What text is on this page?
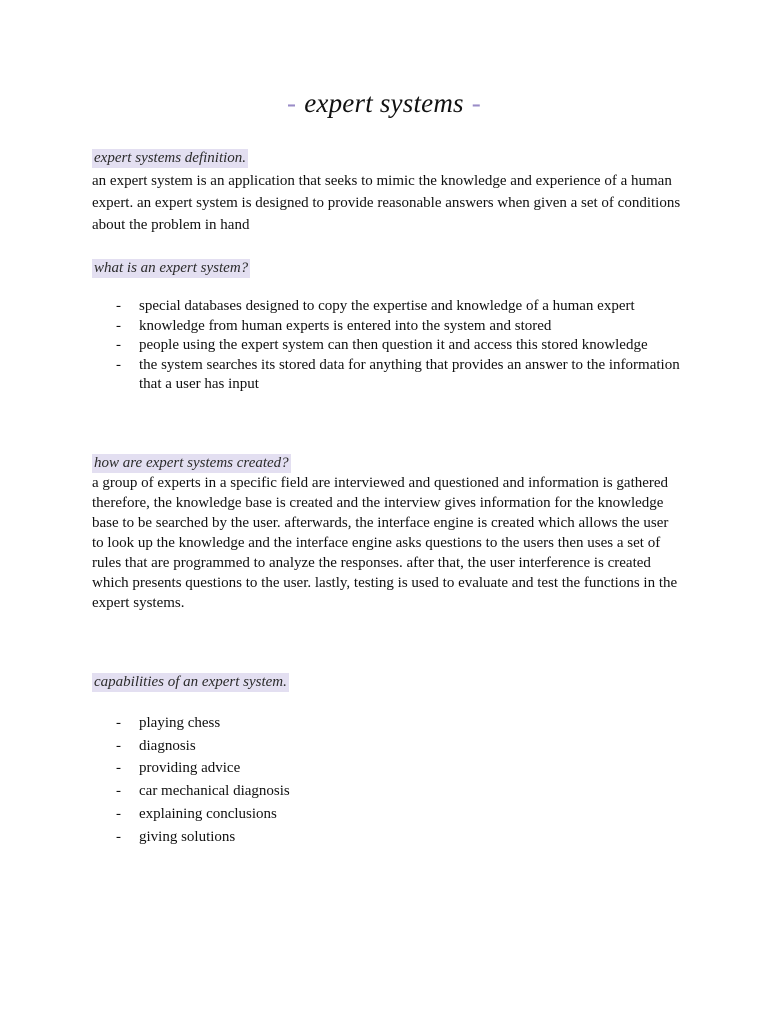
- expert systems -
expert systems definition.
an expert system is an application that seeks to mimic the knowledge and experience of a human expert. an expert system is designed to provide reasonable answers when given a set of conditions about the problem in hand
what is an expert system?
- special databases designed to copy the expertise and knowledge of a human expert
- knowledge from human experts is entered into the system and stored
- people using the expert system can then question it and access this stored knowledge
- the system searches its stored data for anything that provides an answer to the information that a user has input
how are expert systems created?
a group of experts in a specific field are interviewed and questioned and information is gathered therefore, the knowledge base is created and the interview gives information for the knowledge base to be searched by the user. afterwards, the interface engine is created which allows the user to look up the knowledge and the interface engine asks questions to the users then uses a set of rules that are programmed to analyze the responses. after that, the user interference is created which presents questions to the user. lastly, testing is used to evaluate and test the functions in the expert systems.
capabilities of an expert system.
- playing chess
- diagnosis
- providing advice
- car mechanical diagnosis
- explaining conclusions
- giving solutions
